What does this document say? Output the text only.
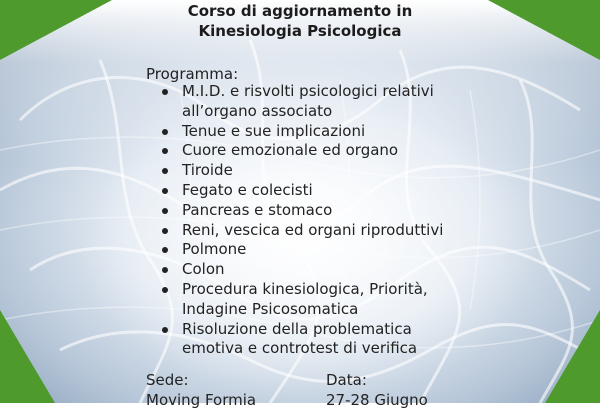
Corso di aggiornamento in
Kinesiologia Psicologica
Programma:
M.I.D. e risvolti psicologici relativi
all’organo associato
Tenue e sue implicazioni
Cuore emozionale ed organo
Tiroide
Fegato e colecisti
Pancreas e stomaco
Reni, vescica ed organi riproduttivi
Polmone
Colon
Procedura kinesiologica, Priorità,
Indagine Psicosomatica
Risoluzione della problematica
emotiva e controtest di verifica
Sede:
Moving Formia
Data:
27-28 Giugno
